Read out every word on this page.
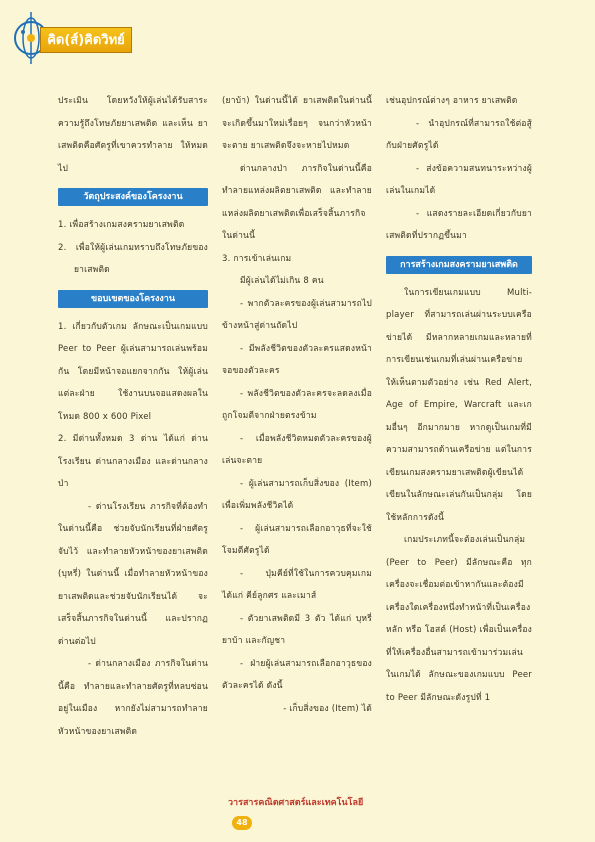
คิด(ส์)คิดวิทย์

ประเมิน โดยหวังให้ผู้เล่นได้รับสาระ ความรู้ถึงโทษภัยยาเสพติด และเห็น ยาเสพติดคือศัตรูที่เขาควรทำลาย ให้หมดไป

วัตถุประสงค์ของโครงงาน

1. เพื่อสร้างเกมสงครามยาเสพติด

2. เพื่อให้ผู้เล่นเกมทราบถึงโทษภัยของยาเสพติด

ขอบเขตของโครงงาน

1. เกี่ยวกับตัวเกม ลักษณะเป็นเกมแบบ Peer to Peer ผู้เล่นสามารถเล่นพร้อมกัน โดยมีหน้าจอแยกจากกัน ให้ผู้เล่นแต่ละฝ่าย ใช้งานบนจอแสดงผลในโหมด 800 x 600 Pixel

2. มีด่านทั้งหมด 3 ด่าน ได้แก่ ด่านโรงเรียน ด่านกลางเมือง และด่านกลางป่า

- ด่านโรงเรียน ภารกิจที่ต้องทำในด่านนี้คือ ช่วยจับนักเรียนที่ฝ่ายศัตรูจับไว้ และทำลายหัวหน้าของยาเสพติด (บุหรี่) ในด่านนี้ เมื่อทำลายหัวหน้าของยาเสพติดและช่วยจับนักเรียนได้ จะเสร็จสิ้นภารกิจในด่านนี้ และปรากฏด่านต่อไป

- ด่านกลางเมือง ภารกิจในด่านนี้คือ ทำลายและทำลายศัตรูที่หลบซ่อนอยู่ในเมือง หากยังไม่สามารถทำลายหัวหน้าของยาเสพติด

(ยาบ้า) ในด่านนี้ได้ ยาเสพติดในด่านนี้จะเกิดขึ้นมาใหม่เรื่อยๆ จนกว่าหัวหน้าจะตาย ยาเสพติดจึงจะหายไปหมด

ด่านกลางป่า ภารกิจในด่านนี้คือทำลายแหล่งผลิตยาเสพติด และทำลายแหล่งผลิตยาเสพติดเพื่อเสร็จสิ้นภารกิจในด่านนี้

3. การเข้าเล่นเกม

มีผู้เล่นได้ไม่เกิน 8 คน

- พากตัวละครของผู้เล่นสามารถไปข้างหน้าสู่ด่านถัดไป

- มีพลังชีวิตของตัวละครแสดงหน้าจอของตัวละคร

- พลังชีวิตของตัวละครจะลดลงเมื่อถูกโจมตีจากฝ่ายตรงข้าม

- เมื่อพลังชีวิตหมดตัวละครของผู้เล่นจะตาย

- ผู้เล่นสามารถเก็บสิ่งของ (Item) เพื่อเพิ่มพลังชีวิตได้

- ผู้เล่นสามารถเลือกอาวุธที่จะใช้โจมตีศัตรูได้

- ปุ่มคีย์ที่ใช้ในการควบคุมเกม ได้แก่ คีย์ลูกศร และเมาส์

- ตัวยาเสพติดมี 3 ตัว ได้แก่ บุหรี่ ยาบ้า และกัญชา

- ฝ่ายผู้เล่นสามารถเลือกอาวุธของตัวละครได้ ดังนี้

- เก็บสิ่งของ (Item) ได้

เช่นอุปกรณ์ต่างๆ อาหาร ยาเสพติด

- นำอุปกรณ์ที่สามารถใช้ต่อสู้กับฝ่ายศัตรูได้

- ส่งข้อความสนทนาระหว่างผู้เล่นในเกมได้

- แสดงรายละเอียดเกี่ยวกับยาเสพติดที่ปรากฏขึ้นมา

การสร้างเกมสงครามยาเสพติด

ในการเขียนเกมแบบ Multi-player ที่สามารถเล่นผ่านระบบเครือข่ายได้ มีหลากหลายเกมและหลายที่ การเขียนเช่นเกมที่เล่นผ่านเครือข่ายให้เห็นตามตัวอย่าง เช่น Red Alert, Age of Empire, Warcraft และเกมอื่นๆ อีกมากมาย หากดูเป็นเกมที่มีความสามารถด้านเครือข่าย แต่ในการเขียนเกมสงครามยาเสพติดผู้เขียนได้เขียนในลักษณะเล่นกันเป็นกลุ่ม โดยใช้หลักการดังนี้

เกมประเภทนี้จะต้องเล่นเป็นกลุ่ม (Peer to Peer) มีลักษณะคือ ทุกเครื่องจะเชื่อมต่อเข้าหากันและต้องมีเครื่องใดเครื่องหนึ่งทำหน้าที่เป็นเครื่องหลัก หรือ โฮสต์ (Host) เพื่อเป็นเครื่องที่ให้เครื่องอื่นสามารถเข้ามาร่วมเล่นในเกมได้ ลักษณะของเกมแบบ Peer to Peer มีลักษณะดังรูปที่ 1

วารสารคณิตศาสตร์และเทคโนโลยี 48
